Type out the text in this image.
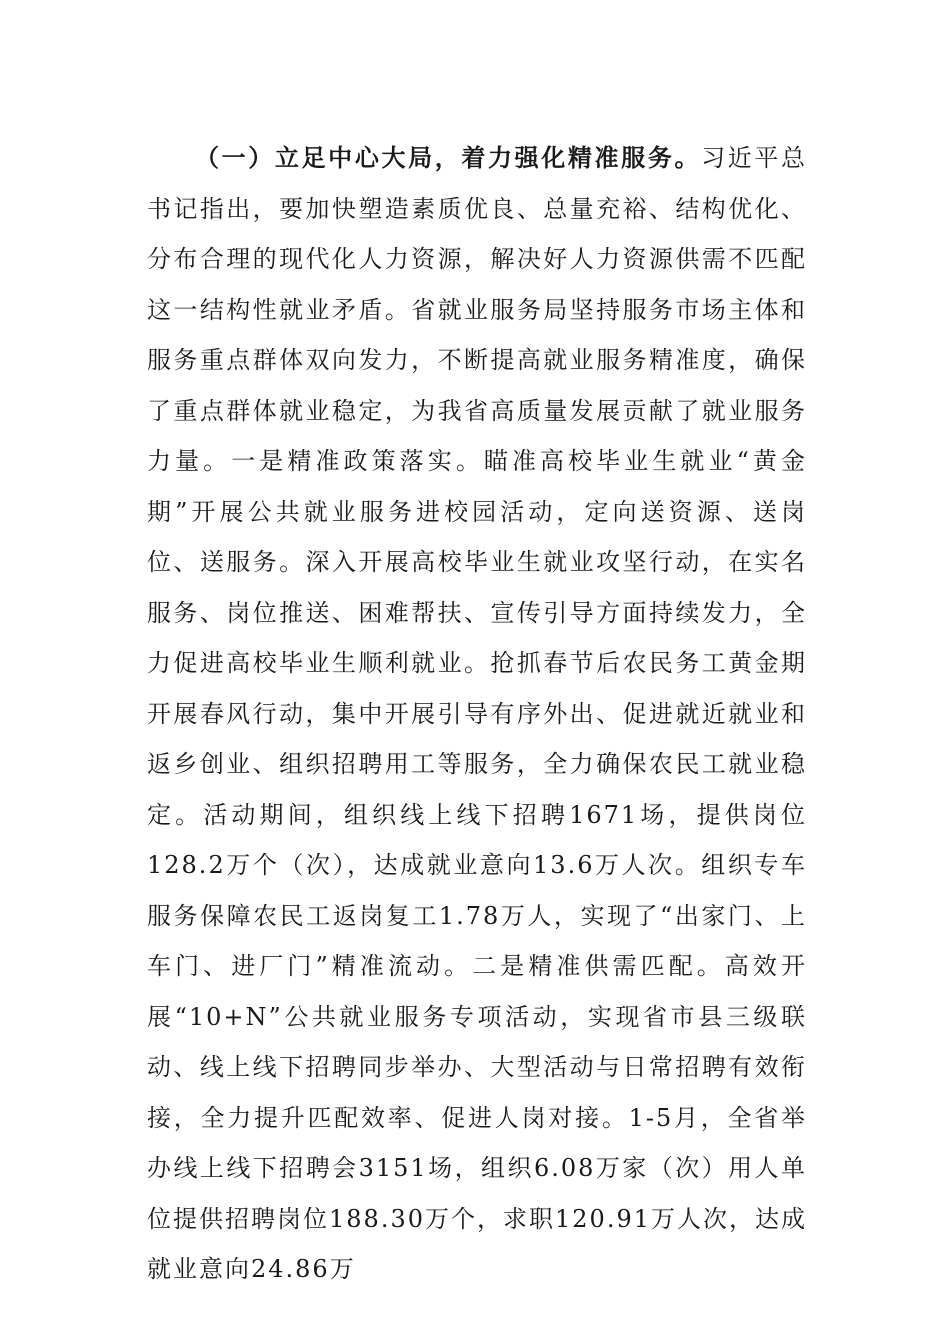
（一）立足中心大局，着力强化精准服务。习近平总书记指出，要加快塑造素质优良、总量充裕、结构优化、分布合理的现代化人力资源，解决好人力资源供需不匹配这一结构性就业矛盾。省就业服务局坚持服务市场主体和服务重点群体双向发力，不断提高就业服务精准度，确保了重点群体就业稳定，为我省高质量发展贡献了就业服务力量。一是精准政策落实。瞄准高校毕业生就业“黄金期”开展公共就业服务进校园活动，定向送资源、送岗位、送服务。深入开展高校毕业生就业攻坚行动，在实名服务、岗位推送、困难帮扶、宣传引导方面持续发力，全力促进高校毕业生顺利就业。抢抓春节后农民务工黄金期开展春风行动，集中开展引导有序外出、促进就近就业和返乡创业、组织招聘用工等服务，全力确保农民工就业稳定。活动期间，组织线上线下招聘1671场，提供岗位128.2万个（次），达成就业意向13.6万人次。组织专车服务保障农民工返岗复工1.78万人，实现了“出家门、上车门、进厂门”精准流动。二是精准供需匹配。高效开展“10+N”公共就业服务专项活动，实现省市县三级联动、线上线下招聘同步举办、大型活动与日常招聘有效衔接，全力提升匹配效率、促进人岗对接。1-5月，全省举办线上线下招聘会3151场，组织6.08万家（次）用人单位提供招聘岗位188.30万个，求职120.91万人次，达成就业意向24.86万
